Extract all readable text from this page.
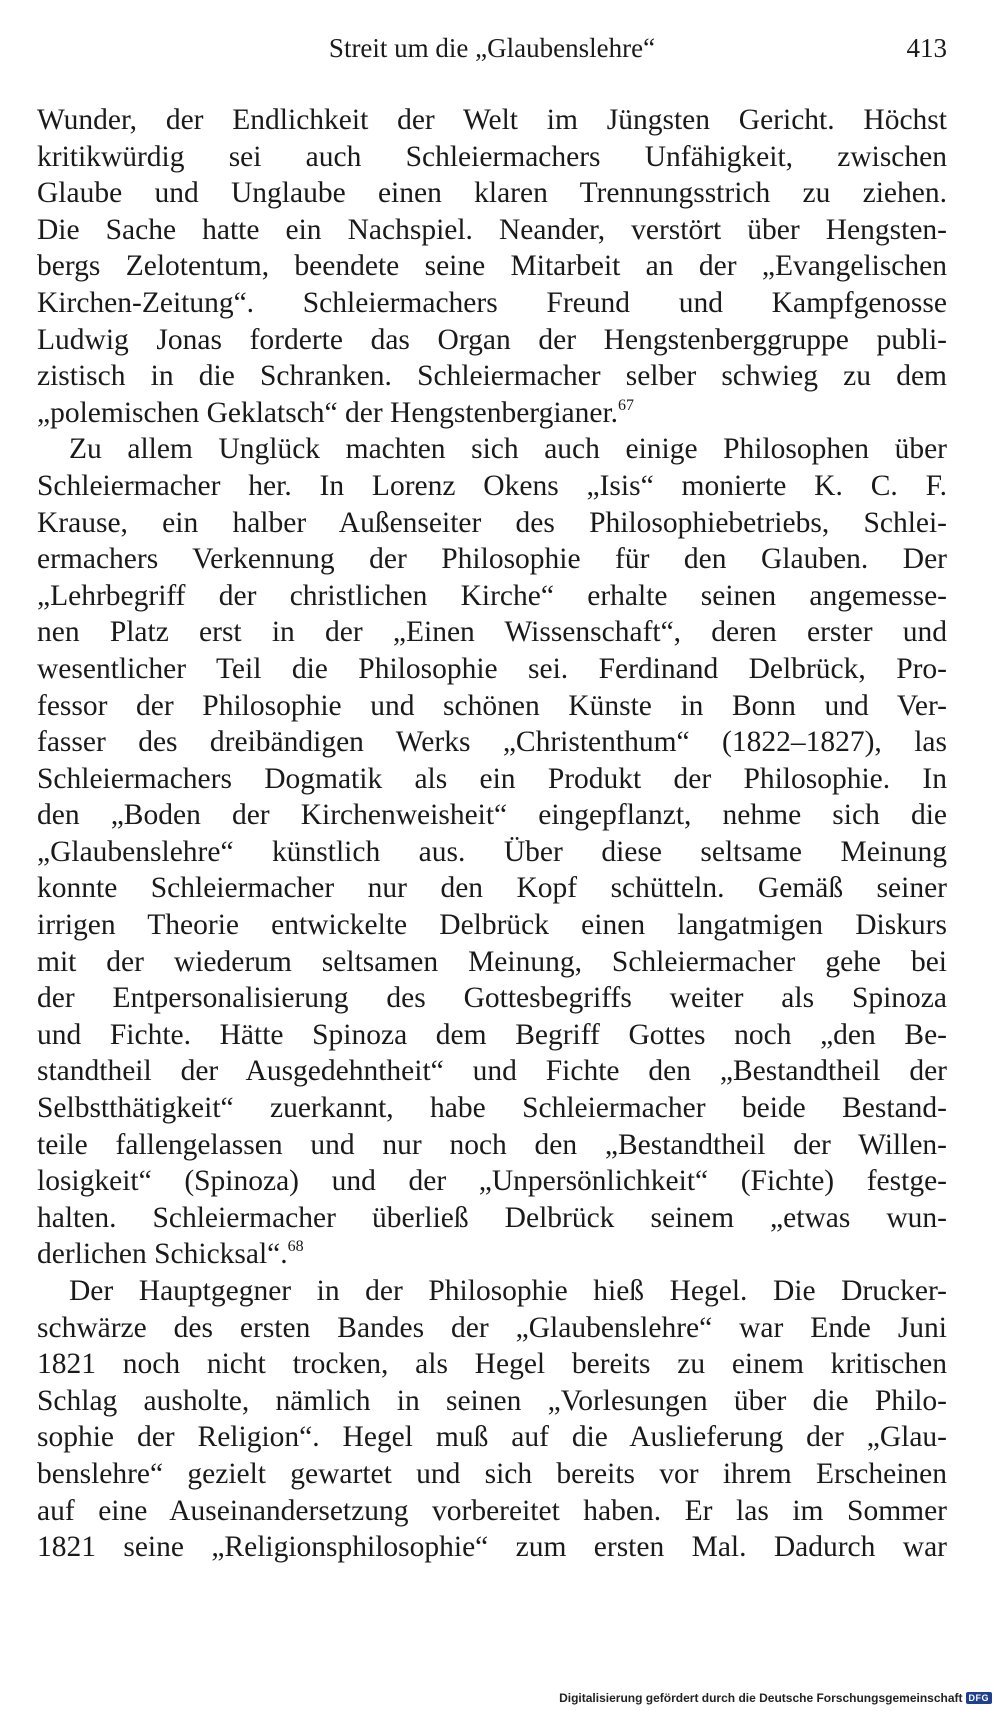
Streit um die „Glaubenslehre“	413
Wunder, der Endlichkeit der Welt im Jüngsten Gericht. Höchst
kritikwürdig sei auch Schleiermachers Unfähigkeit, zwischen
Glaube und Unglaube einen klaren Trennungsstrich zu ziehen.
Die Sache hatte ein Nachspiel. Neander, verstört über Hengsten-
bergs Zelotentum, beendete seine Mitarbeit an der „Evangelischen
Kirchen-Zeitung“. Schleiermachers Freund und Kampfgenosse
Ludwig Jonas forderte das Organ der Hengstenberggruppe publi-
zistisch in die Schranken. Schleiermacher selber schwieg zu dem
„polemischen Geklatsch“ der Hengstenbergianer.$^{67}$
Zu allem Unglück machten sich auch einige Philosophen über
Schleiermacher her. In Lorenz Okens „Isis“ monierte K. C. F.
Krause, ein halber Außenseiter des Philosophiebetriebs, Schlei-
ermachers Verkennung der Philosophie für den Glauben. Der
„Lehrbegriff der christlichen Kirche“ erhalte seinen angemesse-
nen Platz erst in der „Einen Wissenschaft“, deren erster und
wesentlicher Teil die Philosophie sei. Ferdinand Delbrück, Pro-
fessor der Philosophie und schönen Künste in Bonn und Ver-
fasser des dreibändigen Werks „Christenthum“ (1822–1827), las
Schleiermachers Dogmatik als ein Produkt der Philosophie. In
den „Boden der Kirchenweisheit“ eingepflanzt, nehme sich die
„Glaubenslehre“ künstlich aus. Über diese seltsame Meinung
konnte Schleiermacher nur den Kopf schütteln. Gemäß seiner
irrigen Theorie entwickelte Delbrück einen langatmigen Diskurs
mit der wiederum seltsamen Meinung, Schleiermacher gehe bei
der Entpersonalisierung des Gottesbegriffs weiter als Spinoza
und Fichte. Hätte Spinoza dem Begriff Gottes noch „den Be-
standtheil der Ausgedehntheit“ und Fichte den „Bestandtheil der
Selbstthätigkeit“ zuerkannt, habe Schleiermacher beide Bestand-
teile fallengelassen und nur noch den „Bestandtheil der Willen-
losigkeit“ (Spinoza) und der „Unpersönlichkeit“ (Fichte) festge-
halten. Schleiermacher überließ Delbrück seinem „etwas wun-
derlichen Schicksal“.$^{68}$
Der Hauptgegner in der Philosophie hieß Hegel. Die Drucker-
schwärze des ersten Bandes der „Glaubenslehre“ war Ende Juni
1821 noch nicht trocken, als Hegel bereits zu einem kritischen
Schlag ausholte, nämlich in seinen „Vorlesungen über die Philo-
sophie der Religion“. Hegel muß auf die Auslieferung der „Glau-
benslehre“ gezielt gewartet und sich bereits vor ihrem Erscheinen
auf eine Auseinandersetzung vorbereitet haben. Er las im Sommer
1821 seine „Religionsphilosophie“ zum ersten Mal. Dadurch war
Digitalisierung gefördert durch die Deutsche Forschungsgemeinschaft DFG
